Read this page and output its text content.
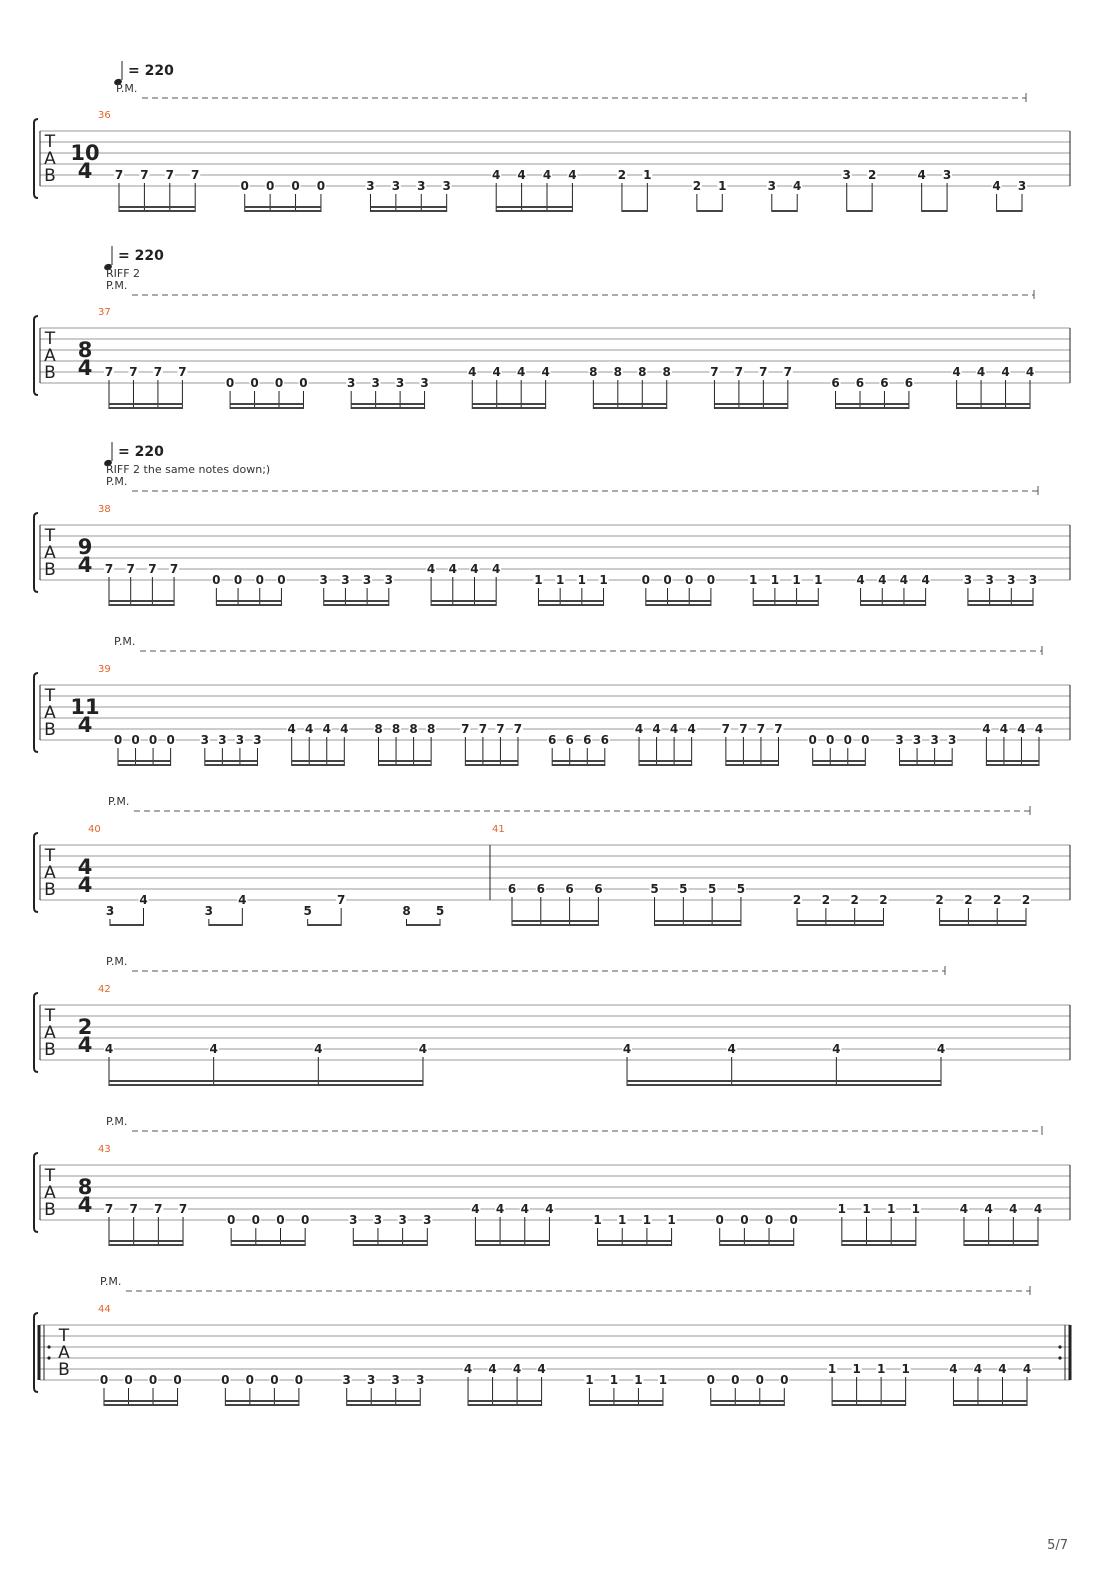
T
A
B
= 220
P.M.
36
10
4 7 7 7 7
0 0 0 0	3 3 3 3
4 4 4 4	2 1
2 1	3 4
3 2	4 3
4 3
T
A
B
= 220
RIFF 2
P.M.
37
8
4 7 7 7 7
0 0 0 0	3 3 3 3
4 4 4 4	8 8 8 8	7 7 7 7
6 6 6 6
4 4 4 4
T
A
B
= 220
RIFF 2 the same notes down;)
P.M.
38
9
4 7 7 7 7
0 0 0 0	3 3 3 3
4 4 4 4
1 1 1 1	0 0 0 0	1 1 1 1	4 4 4 4	3 3 3 3
T
A
B
P.M.
39
11
4
0 0 0 0 3 3 3 3
4 4 4 4 8 8 8 8 7 7 7 7
6 6 6 6
4 4 4 4 7 7 7 7
0 0 0 0 3 3 3 3
4 4 4 4
T
A
B
P.M.
40
4
4
3
4
3
4
5
7
8 5
41
6 6 6 6	5 5 5 5
2 2 2 2	2 2 2 2
T
A
B
P.M.
42
2
4 4	4	4	4	4	4	4	4
T
A
B
P.M.
43
8
4 7 7 7 7
0 0 0 0	3 3 3 3
4 4 4 4
1 1 1 1	0 0 0 0
1 1 1 1	4 4 4 4
T
A
B
P.M.
44
0 0 0 0	0 0 0 0	3 3 3 3
4 4 4 4
1 1 1 1	0 0 0 0
1 1 1 1	4 4 4 4
5/7
